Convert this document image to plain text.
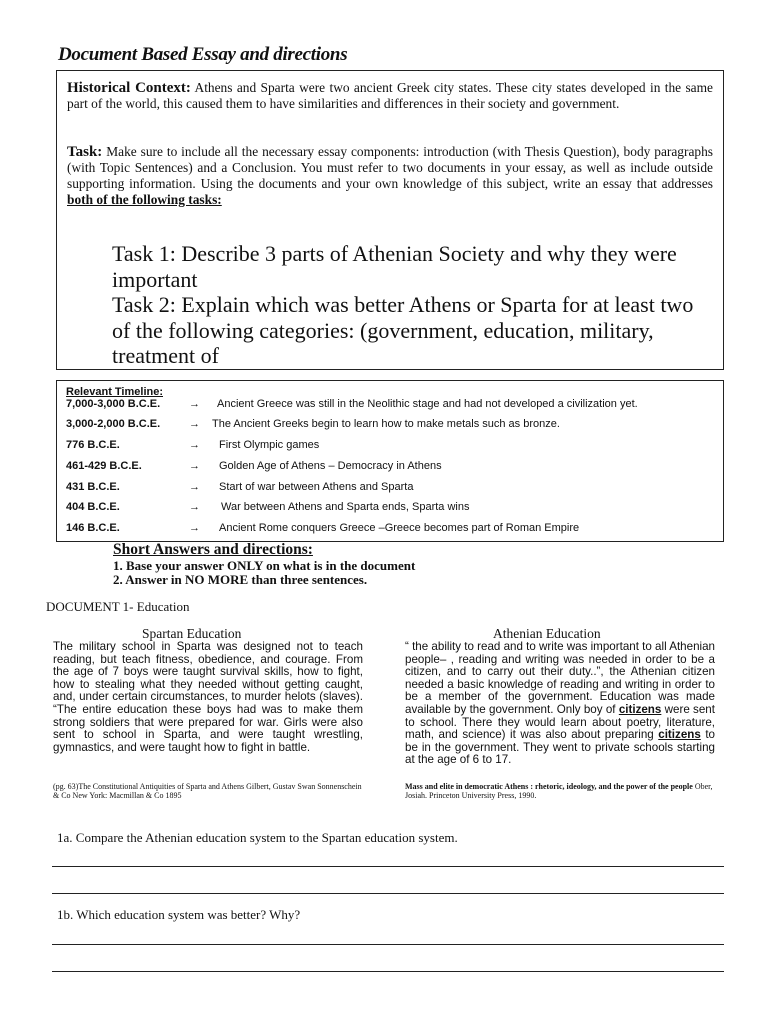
Document Based Essay and directions
Historical Context: Athens and Sparta were two ancient Greek city states. These city states developed in the same part of the world, this caused them to have similarities and differences in their society and government.
Task: Make sure to include all the necessary essay components: introduction (with Thesis Question), body paragraphs (with Topic Sentences) and a Conclusion. You must refer to two documents in your essay, as well as include outside supporting information. Using the documents and your own knowledge of this subject, write an essay that addresses both of the following tasks:
Task 1: Describe 3 parts of Athenian Society and why they were important
Task 2: Explain which was better Athens or Sparta for at least two of the following categories: (government, education, military, treatment of
Relevant Timeline:
7,000-3,000 B.C.E.	→ Ancient Greece was still in the Neolithic stage and had not developed a civilization yet.
3,000-2,000 B.C.E.	→ The Ancient Greeks begin to learn how to make metals such as bronze.
776 B.C.E.	→ First Olympic games
461-429 B.C.E.	→ Golden Age of Athens – Democracy in Athens
431 B.C.E.	→ Start of war between Athens and Sparta
404 B.C.E.	→ War between Athens and Sparta ends, Sparta wins
146 B.C.E.	→ Ancient Rome conquers Greece –Greece becomes part of Roman Empire
Short Answers and directions:
1. Base your answer ONLY on what is in the document
2. Answer in NO MORE than three sentences.
DOCUMENT 1- Education
Spartan Education
The military school in Sparta was designed not to teach reading, but teach fitness, obedience, and courage. From the age of 7 boys were taught survival skills, how to fight, how to stealing what they needed without getting caught, and, under certain circumstances, to murder helots (slaves). “The entire education these boys had was to make them strong soldiers that were prepared for war. Girls were also sent to school in Sparta, and were taught wrestling, gymnastics, and were taught how to fight in battle.
(pg. 63)The Constitutional Antiquities of Sparta and Athens Gilbert, Gustav Swan Sonnenschein & Co New York: Macmillan & Co 1895
Athenian Education
“ the ability to read and to write was important to all Athenian people– , reading and writing was needed in order to be a citizen, and to carry out their duty..”, the Athenian citizen needed a basic knowledge of reading and writing in order to be a member of the government. Education was made available by the government. Only boy of citizens were sent to school. There they would learn about poetry, literature, math, and science) it was also about preparing citizens to be in the government. They went to private schools starting at the age of 6 to 17.
Mass and elite in democratic Athens : rhetoric, ideology, and the power of the people Ober, Josiah. Princeton University Press, 1990.
1a. Compare the Athenian education system to the Spartan education system.
1b. Which education system was better? Why?
